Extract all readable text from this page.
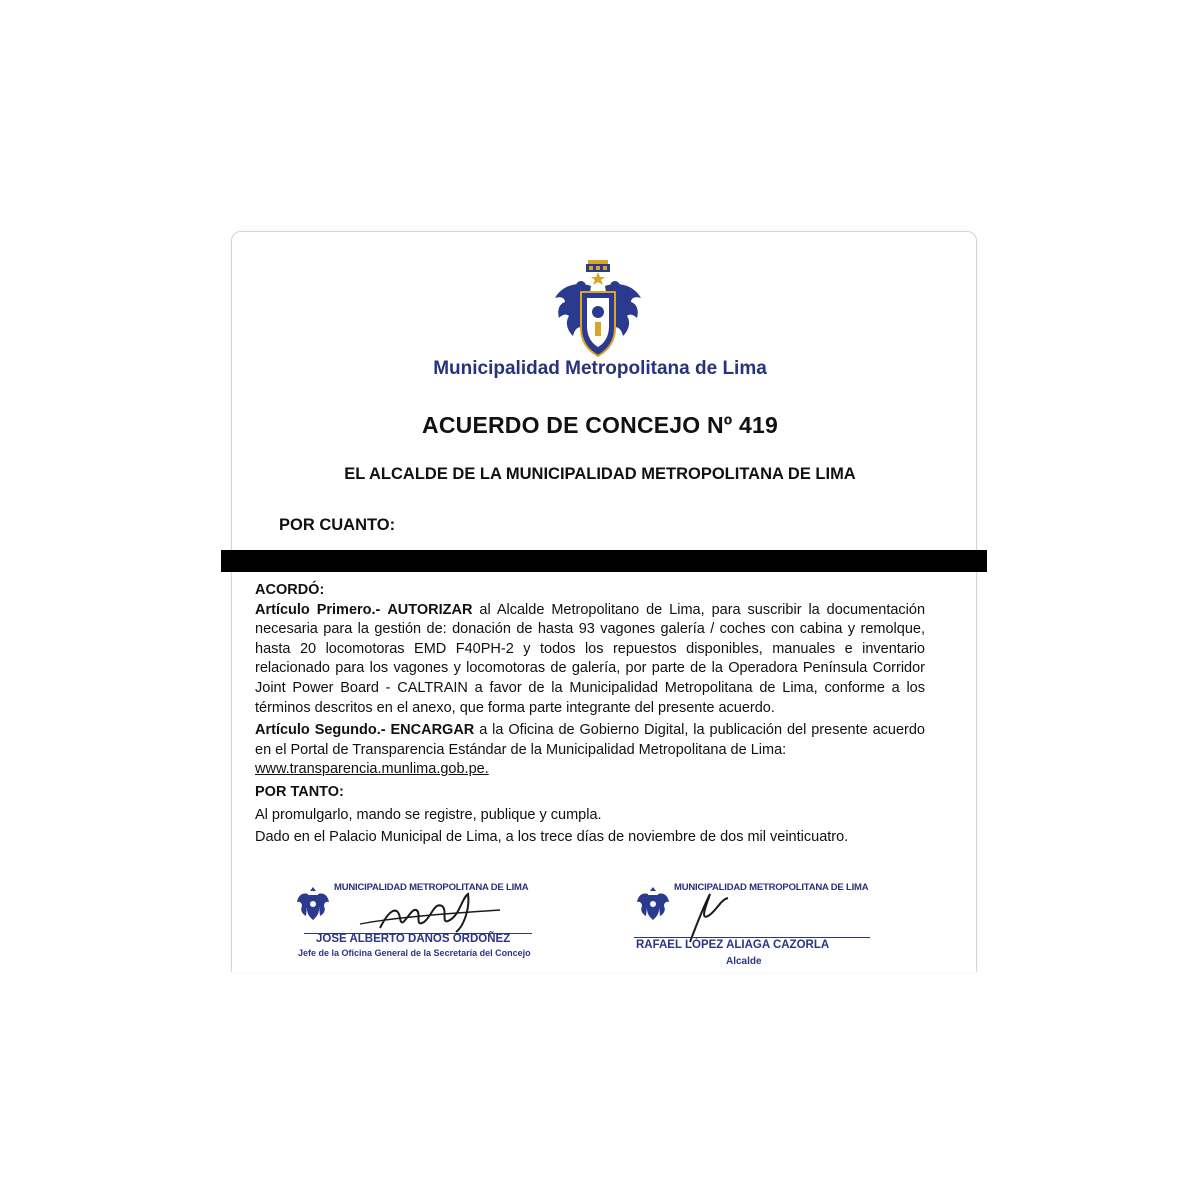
Municipalidad Metropolitana de Lima
ACUERDO DE CONCEJO Nº 419
EL ALCALDE DE LA MUNICIPALIDAD METROPOLITANA DE LIMA
POR CUANTO:

ACORDÓ:

Artículo Primero.- AUTORIZAR al Alcalde Metropolitano de Lima, para suscribir la documentación necesaria para la gestión de: donación de hasta 93 vagones galería / coches con cabina y remolque, hasta 20 locomotoras EMD F40PH-2 y todos los repuestos disponibles, manuales e inventario relacionado para los vagones y locomotoras de galería, por parte de la Operadora Península Corridor Joint Power Board - CALTRAIN a favor de la Municipalidad Metropolitana de Lima, conforme a los términos descritos en el anexo, que forma parte integrante del presente acuerdo.

Artículo Segundo.- ENCARGAR a la Oficina de Gobierno Digital, la publicación del presente acuerdo en el Portal de Transparencia Estándar de la Municipalidad Metropolitana de Lima:
www.transparencia.munlima.gob.pe.

POR TANTO:

Al promulgarlo, mando se registre, publique y cumpla.

Dado en el Palacio Municipal de Lima, a los trece días de noviembre de dos mil veinticuatro.

MUNICIPALIDAD METROPOLITANA DE LIMA
JOSE ALBERTO DANOS ORDOÑEZ
Jefe de la Oficina General de la Secretaría del Concejo
MUNICIPALIDAD METROPOLITANA DE LIMA
RAFAEL LÓPEZ ALIAGA CAZORLA
Alcalde
